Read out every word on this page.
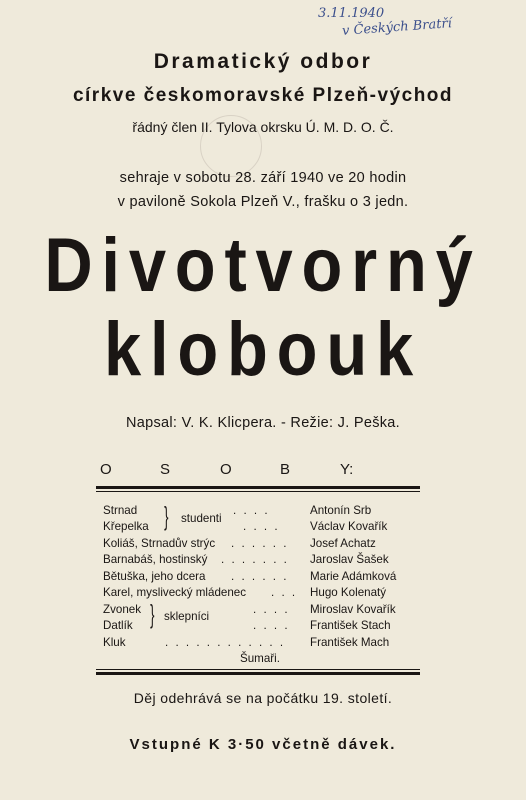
3.11.1940
v Českých Bratří
Dramatický odbor
církve českomoravské Plzeň-východ
řádný člen II. Tylova okrsku Ú. M. D. O. Č.
sehraje v sobotu 28. září 1940 ve 20 hodin
v paviloně Sokola Plzeň V., frašku o 3 jedn.
Divotvorný
klobouk
Napsal: V. K. Klicpera. - Režie: J. Peška.
O	S	O	B	Y:
Strnad	. . . .	Antonín Srb
Křepelka	. . . .	Václav Kovařík
} studenti
Koliáš, Strnadův strýc . . . . . . Josef Achatz
Barnabáš, hostinský . . . . . . . Jaroslav Šašek
Bětuška, jeho dcera . . . . . . Marie Adámková
Karel, myslivecký mládenec . . . Hugo Kolenatý
Zvonek	. . . . Miroslav Kovařík
Datlík	. . . . František Stach
} sklepníci
Kluk	. . . . . . . . . . . . František Mach
Šumaři.
Děj odehrává se na počátku 19. století.
Vstupné K 3·50 včetně dávek.
